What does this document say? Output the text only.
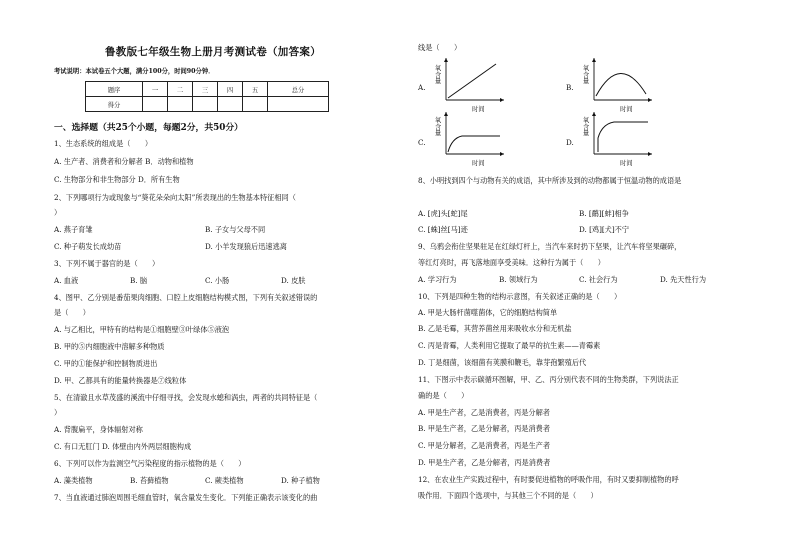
鲁教版七年级生物上册月考测试卷（加答案）
考试说明：本试卷五个大题，满分100分，时间90分钟．
题序	一	二	三	四	五	总分
得分						
一、选择题（共25个小题，每题2分，共50分）
1、生态系统的组成是（　　）
A. 生产者、消费者和分解者 B．动物和植物
C. 生物部分和非生物部分 D．所有生物
2、下列哪项行为或现象与“葵花朵朵向太阳”所表现出的生物基本特征相同（
）
A. 燕子育雏	B. 子女与父母不同
C. 种子萌发长成幼苗	D. 小羊发现狼后迅速逃离
3、下列不属于器官的是（　　）
A. 血液	B. 脑	C. 小肠	D. 皮肤
4、图甲、乙分别是番茄果肉细胞、口腔上皮细胞结构模式图，下列有关叙述错误的
是（　　）
A. 与乙相比，甲特有的结构是①细胞壁③叶绿体⑤液泡
B. 甲的⑤内细胞液中溶解多种物质
C. 甲的①能保护和控制物质进出
D. 甲、乙都具有的能量转换器是⑦线粒体
5、在清澈且水草茂盛的溪流中仔细寻找，会发现水螅和涡虫，两者的共同特征是（
）
A. 背腹扁平，身体辐射对称
C. 有口无肛门 D. 体壁由内外两层细胞构成
6、下列可以作为监测空气污染程度的指示植物的是（　　）
A. 藻类植物	B. 苔藓植物	C. 蕨类植物	D. 种子植物
7、当血液通过肺泡周围毛细血管时，氧含量发生变化．下列能正确表示该变化的曲
线是（　　）
A.
氧
含
量
时间
B.
氧
含
量
时间
C.
氧
含
量
时间
D.
氧
含
量
时间
8、小明找到四个与动物有关的成语，其中所涉及到的动物都属于恒温动物的成语是
A. [虎]头[蛇]尾	B. [鹬][蚌]相争
C. [蛛]丝[马]迹	D. [鸡][犬]不宁
9、乌鸦会衔住坚果驻足在红绿灯杆上，当汽车来时扔下坚果，让汽车将坚果碾碎，
等红灯亮时，再飞落地面享受美味．这种行为属于（　　）
A. 学习行为	B. 领域行为	C. 社会行为	D. 先天性行为
10、下列是四种生物的结构示意图，有关叙述正确的是（　　）
A. 甲是大肠杆菌噬菌体，它的细胞结构简单
B. 乙是毛霉，其营养菌丝用来吸收水分和无机盐
C. 丙是青霉，人类利用它提取了最早的抗生素——青霉素
D. 丁是细菌，该细菌有荚膜和鞭毛，靠芽孢繁殖后代
11、下图示中表示碳循环图解，甲、乙、丙分别代表不同的生物类群，下列说法正
确的是（　　）
A. 甲是生产者，乙是消费者，丙是分解者
B. 甲是生产者，乙是分解者，丙是消费者
C. 甲是分解者，乙是消费者，丙是生产者
D. 甲是生产者，乙是分解者，丙是消费者
12、在农业生产实践过程中，有时要促进植物的呼吸作用，有时又要抑制植物的呼
吸作用．下面四个选项中，与其他三个不同的是（　　）
